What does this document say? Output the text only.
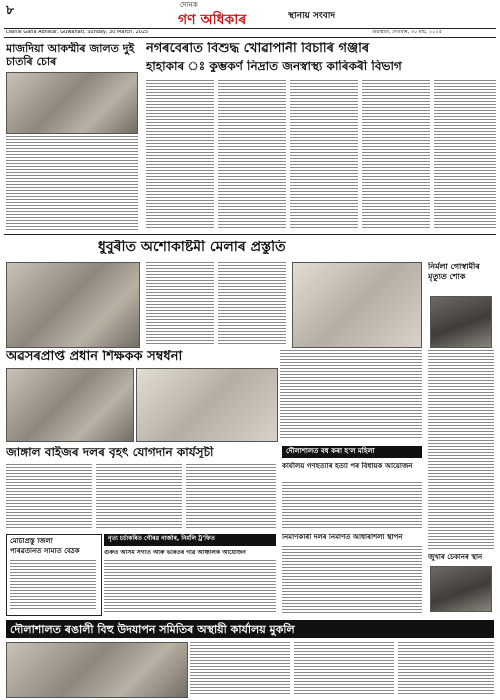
৮	দৈনিক
গণ অধিকাৰ	স্থানীয় সংবাদ
Dainik Gana Adhikar, Guwahati, Sunday, 30 March, 2025	গুৱাহাটী, দেওবাৰ, ৩০ মাৰ্চ, ২০২৫
মাজদিয়া আকম্মীৰ জালত দুই চাতৰি চোৰ
নগৰবেৰাত বিশুদ্ধ খোৱাপানী বিচাৰি গঞ্জাৰ
হাহাকাৰ ঃ কুম্ভকৰ্ণ নিদ্ৰাত জনস্বাস্থ্য কাৰিকৰী বিভাগ
ধুবুৰীত অশোকাষ্টমী মেলাৰ প্ৰস্তুতি
নিৰ্মলা গোস্বামীৰ মৃত্যুত শোক
অৱসৰপ্ৰাপ্ত প্ৰধান শিক্ষকক সম্বৰ্ধনা
জাঙ্গাল বাইজৰ দলৰ বৃহৎ যোগদান কাৰ্যসূচী	দৌলাশালত বধ কৰা হ'ল মহিলা
কাৰ্যালয় গণহত্যাৰ হত্যা পৰ বিধায়ক আয়োজন
জুখৰি চেকনিৰ স্থান
মোৰ্চাপ্ৰস্তু জিলা
পৰিৱৰ্তনিত সমিতি বৈঠক
নৃত্য চৰ্চাকৰিত গৌৰৱ নাৰ্জাৰ, নিৰ্মলি ট্ৰ'ফিত
গুৰুত আসম সৰ্গীত আৰু ভাৰতৰ গাঁৱ আঞ্চলিক আয়োজন
নিৰ্মাণকাৰী দলৰ নিৰ্মাণত আধাৰশিলা স্থাপন
দৌলাশালত ৰঙালী বিহু উদযাপন সমিতিৰ অস্থায়ী কাৰ্যালয় মুকলি
